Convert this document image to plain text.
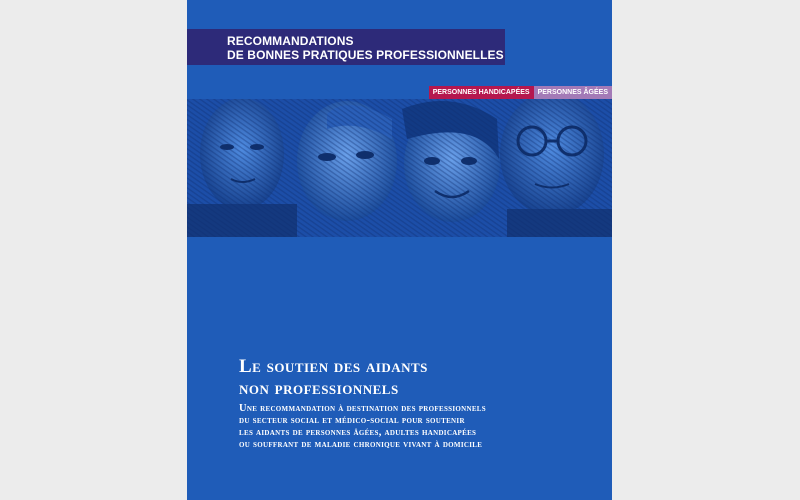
RECOMMANDATIONS
DE BONNES PRATIQUES PROFESSIONNELLES
PERSONNES HANDICAPÉES	PERSONNES ÂGÉES
Le soutien des aidants
non professionnels
Une recommandation à destination des professionnels
du secteur social et médico-social pour soutenir
les aidants de personnes âgées, adultes handicapées
ou souffrant de maladie chronique vivant à domicile
